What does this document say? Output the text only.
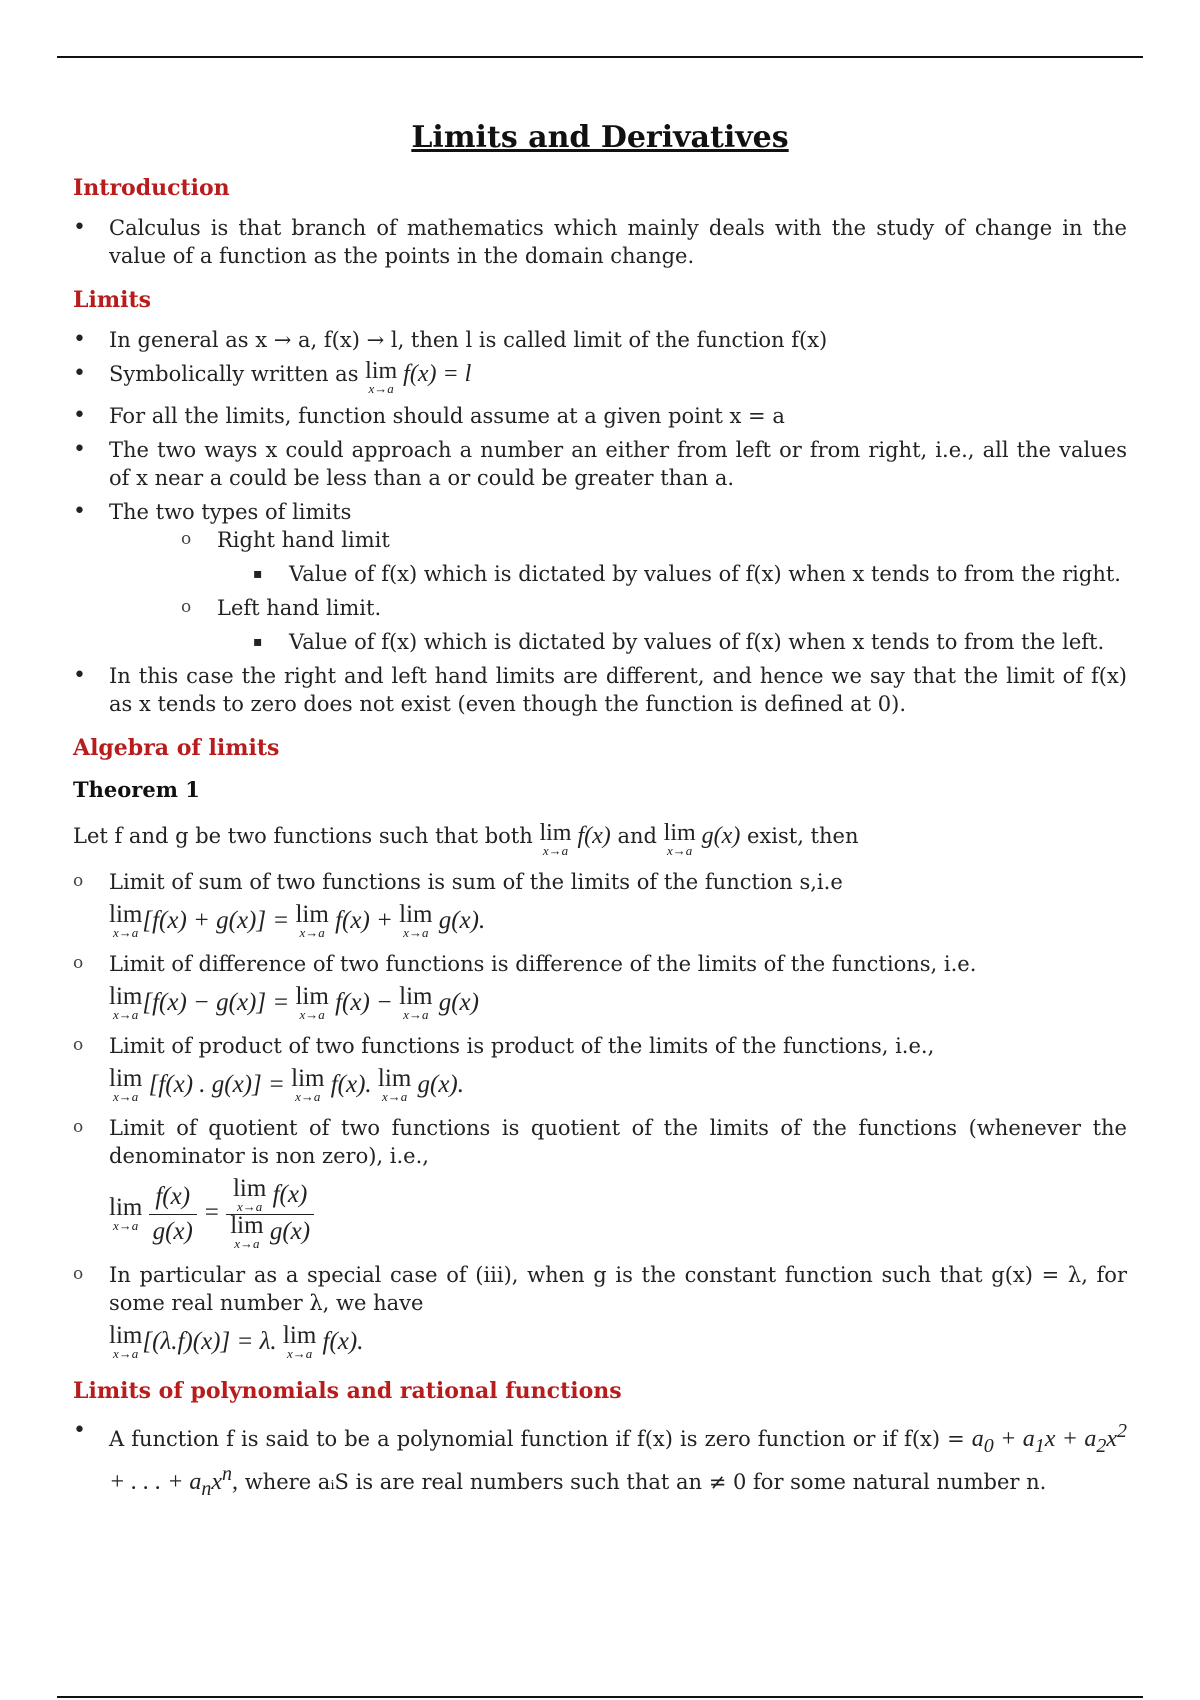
Limits and Derivatives
Introduction
• Calculus is that branch of mathematics which mainly deals with the study of change in the value of a function as the points in the domain change.
Limits
• In general as x → a, f(x) → l, then l is called limit of the function f(x)
• Symbolically written as lim
x→a
f(x) = l
• For all the limits, function should assume at a given point x = a
• The two ways x could approach a number an either from left or from right, i.e., all the values of x near a could be less than a or could be greater than a.
• The two types of limits
o Right hand limit
▪ Value of f(x) which is dictated by values of f(x) when x tends to from the right.
o Left hand limit.
▪ Value of f(x) which is dictated by values of f(x) when x tends to from the left.
• In this case the right and left hand limits are different, and hence we say that the limit of f(x) as x tends to zero does not exist (even though the function is defined at 0).
Algebra of limits
Theorem 1
Let f and g be two functions such that both lim
x→a
f(x) and lim
x→a
g(x) exist, then
o Limit of sum of two functions is sum of the limits of the function s,i.e
lim
x→a [f(x) + g(x)] = lim
x→a f(x) + lim
x→a g(x).
o Limit of difference of two functions is difference of the limits of the functions, i.e.
lim
x→a [f(x) − g(x)] = lim
x→a f(x) − lim
x→a g(x)
o Limit of product of two functions is product of the limits of the functions, i.e.,
lim
x→a [f(x) . g(x)] = lim
x→a f(x). lim
x→a g(x).
o Limit of quotient of two functions is quotient of the limits of the functions (whenever the denominator is non zero), i.e.,
lim
x→a
$\frac{f(x)}{g(x)} = \lim$
x→a f(x)
lim
x→a g(x)
o In particular as a special case of (iii), when g is the constant function such that g(x) = λ, for some real number λ, we have
lim
x→a [(λ.f)(x)] = λ. lim
x→a f(x).
Limits of polynomials and rational functions
• A function f is said to be a polynomial function if f(x) is zero function or if $f(x) = a_0 + a_1x + a_2x^2$ + . . . + $a_nx^n$, where aᵢS is are real numbers such that an ≠ 0 for some natural number n.
